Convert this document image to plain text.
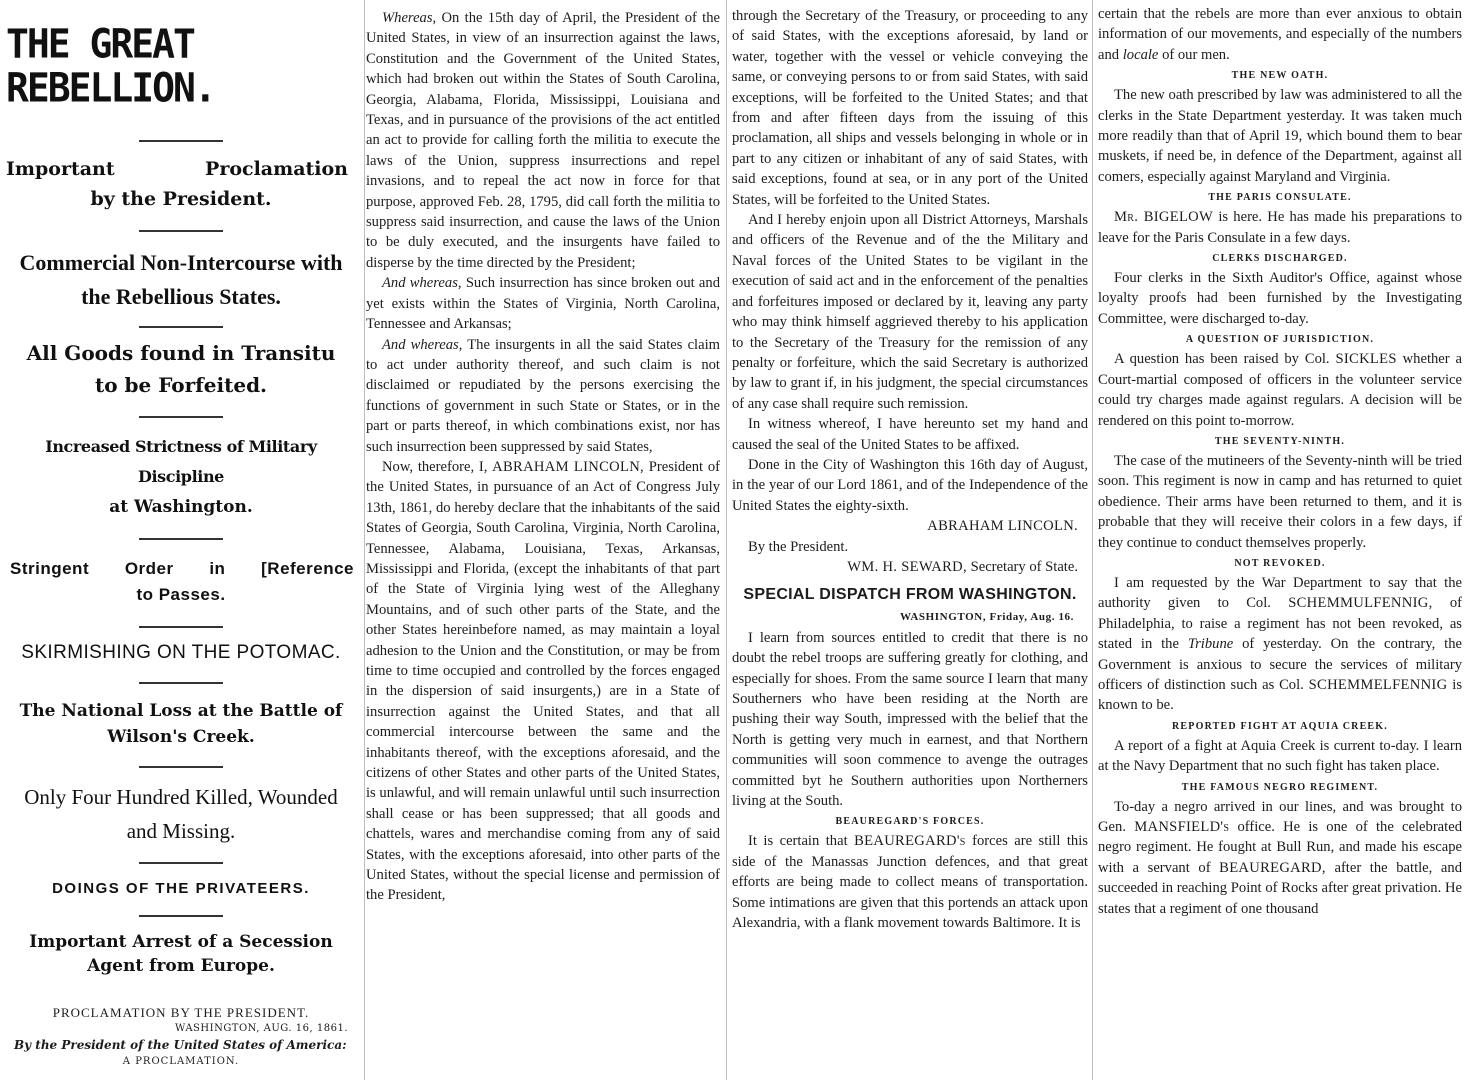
THE GREAT REBELLION.
Important	Proclamation
by the President.
Commercial Non-Intercourse with
the Rebellious States.
All Goods found in Transitu
to be Forfeited.
Increased Strictness of Military Discipline
at Washington.
Stringent Order in [Reference
to Passes.
SKIRMISHING ON THE POTOMAC.
The National Loss at the Battle of
Wilson's Creek.
Only Four Hundred Killed, Wounded
and Missing.
DOINGS OF THE PRIVATEERS.
Important Arrest of a Secession
Agent from Europe.
PROCLAMATION BY THE PRESIDENT.
WASHINGTON, AUG. 16, 1861.
By the President of the United States of America:
A PROCLAMATION.

Whereas, On the 15th day of April, the President of the United States, in view of an insurrection against the laws, Constitution and the Government of the United States, which had broken out within the States of South Carolina, Georgia, Alabama, Florida, Mississippi, Louisiana and Texas, and in pursuance of the provisions of the act entitled an act to provide for calling forth the militia to execute the laws of the Union, suppress insurrections and repel invasions, and to repeal the act now in force for that purpose, approved Feb. 28, 1795, did call forth the militia to suppress said insurrection, and cause the laws of the Union to be duly executed, and the insurgents have failed to disperse by the time directed by the President;

And whereas, Such insurrection has since broken out and yet exists within the States of Virginia, North Carolina, Tennessee and Arkansas;

And whereas, The insurgents in all the said States claim to act under authority thereof, and such claim is not disclaimed or repudiated by the persons exercising the functions of government in such State or States, or in the part or parts thereof, in which combinations exist, nor has such insurrection been suppressed by said States,

Now, therefore, I, ABRAHAM LINCOLN, President of the United States, in pursuance of an Act of Congress July 13th, 1861, do hereby declare that the inhabitants of the said States of Georgia, South Carolina, Virginia, North Carolina, Tennessee, Alabama, Louisiana, Texas, Arkansas, Mississippi and Florida, (except the inhabitants of that part of the State of Virginia lying west of the Alleghany Mountains, and of such other parts of the State, and the other States hereinbefore named, as may maintain a loyal adhesion to the Union and the Constitution, or may be from time to time occupied and controlled by the forces engaged in the dispersion of said insurgents,) are in a State of insurrection against the United States, and that all commercial intercourse between the same and the inhabitants thereof, with the exceptions aforesaid, and the citizens of other States and other parts of the United States, is unlawful, and will remain unlawful until such insurrection shall cease or has been suppressed; that all goods and chattels, wares and merchandise coming from any of said States, with the exceptions aforesaid, into other parts of the United States, without the special license and permission of the President,

through the Secretary of the Treasury, or proceeding to any of said States, with the exceptions aforesaid, by land or water, together with the vessel or vehicle conveying the same, or conveying persons to or from said States, with said exceptions, will be forfeited to the United States; and that from and after fifteen days from the issuing of this proclamation, all ships and vessels belonging in whole or in part to any citizen or inhabitant of any of said States, with said exceptions, found at sea, or in any port of the United States, will be forfeited to the United States.

And I hereby enjoin upon all District Attorneys, Marshals and officers of the Revenue and of the the Military and Naval forces of the United States to be vigilant in the execution of said act and in the enforcement of the penalties and forfeitures imposed or declared by it, leaving any party who may think himself aggrieved thereby to his application to the Secretary of the Treasury for the remission of any penalty or forfeiture, which the said Secretary is authorized by law to grant if, in his judgment, the special circumstances of any case shall require such remission.

In witness whereof, I have hereunto set my hand and caused the seal of the United States to be affixed.

Done in the City of Washington this 16th day of August, in the year of our Lord 1861, and of the Independence of the United States the eighty-sixth.

ABRAHAM LINCOLN.

By the President.

WM. H. SEWARD, Secretary of State.

SPECIAL DISPATCH FROM WASHINGTON.
WASHINGTON, Friday, Aug. 16.

I learn from sources entitled to credit that there is no doubt the rebel troops are suffering greatly for clothing, and especially for shoes. From the same source I learn that many Southerners who have been residing at the North are pushing their way South, impressed with the belief that the North is getting very much in earnest, and that Northern communities will soon commence to avenge the outrages committed byt he Southern authorities upon Northerners living at the South.

BEAUREGARD'S FORCES.

It is certain that BEAUREGARD's forces are still this side of the Manassas Junction defences, and that great efforts are being made to collect means of transportation. Some intimations are given that this portends an attack upon Alexandria, with a flank movement towards Baltimore. It is

certain that the rebels are more than ever anxious to obtain information of our movements, and especially of the numbers and locale of our men.

THE NEW OATH.

The new oath prescribed by law was administered to all the clerks in the State Department yesterday. It was taken much more readily than that of April 19, which bound them to bear muskets, if need be, in defence of the Department, against all comers, especially against Maryland and Virginia.

THE PARIS CONSULATE.

Mr. BIGELOW is here. He has made his preparations to leave for the Paris Consulate in a few days.

CLERKS DISCHARGED.

Four clerks in the Sixth Auditor's Office, against whose loyalty proofs had been furnished by the Investigating Committee, were discharged to-day.

A QUESTION OF JURISDICTION.

A question has been raised by Col. SICKLES whether a Court-martial composed of officers in the volunteer service could try charges made against regulars. A decision will be rendered on this point to-morrow.

THE SEVENTY-NINTH.

The case of the mutineers of the Seventy-ninth will be tried soon. This regiment is now in camp and has returned to quiet obedience. Their arms have been returned to them, and it is probable that they will receive their colors in a few days, if they continue to conduct themselves properly.

NOT REVOKED.

I am requested by the War Department to say that the authority given to Col. SCHEMMULFENNIG, of Philadelphia, to raise a regiment has not been revoked, as stated in the Tribune of yesterday. On the contrary, the Government is anxious to secure the services of military officers of distinction such as Col. SCHEMMELFENNIG is known to be.

REPORTED FIGHT AT AQUIA CREEK.

A report of a fight at Aquia Creek is current to-day. I learn at the Navy Department that no such fight has taken place.

THE FAMOUS NEGRO REGIMENT.

To-day a negro arrived in our lines, and was brought to Gen. MANSFIELD's office. He is one of the celebrated negro regiment. He fought at Bull Run, and made his escape with a servant of BEAUREGARD, after the battle, and succeeded in reaching Point of Rocks after great privation. He states that a regiment of one thousand
